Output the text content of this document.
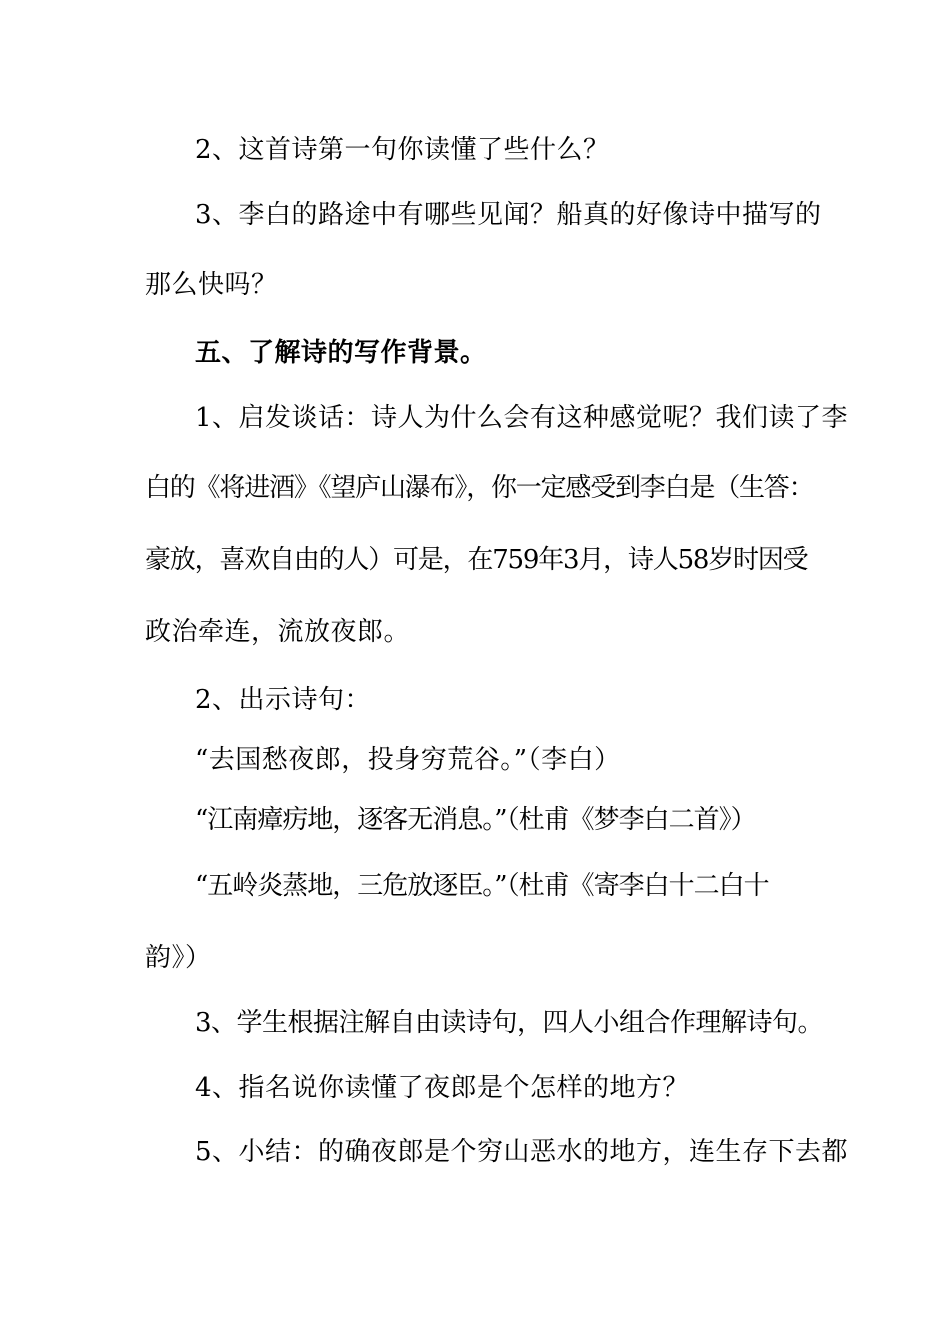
2、这首诗第一句你读懂了些什么？
3、李白的路途中有哪些见闻？船真的好像诗中描写的
那么快吗？
五、了解诗的写作背景。
1、启发谈话：诗人为什么会有这种感觉呢？我们读了李
白的《将进酒》《望庐山瀑布》，你一定感受到李白是（生答：
豪放，喜欢自由的人）可是，在759年3月，诗人58岁时因受
政治牵连，流放夜郎。
2、出示诗句：
“去国愁夜郎，投身穷荒谷。”（李白）
“江南瘴疠地，逐客无消息。”（杜甫《梦李白二首》）
“五岭炎蒸地，三危放逐臣。”（杜甫《寄李白十二白十
韵》）
3、学生根据注解自由读诗句，四人小组合作理解诗句。
4、指名说你读懂了夜郎是个怎样的地方？
5、小结：的确夜郎是个穷山恶水的地方，连生存下去都
